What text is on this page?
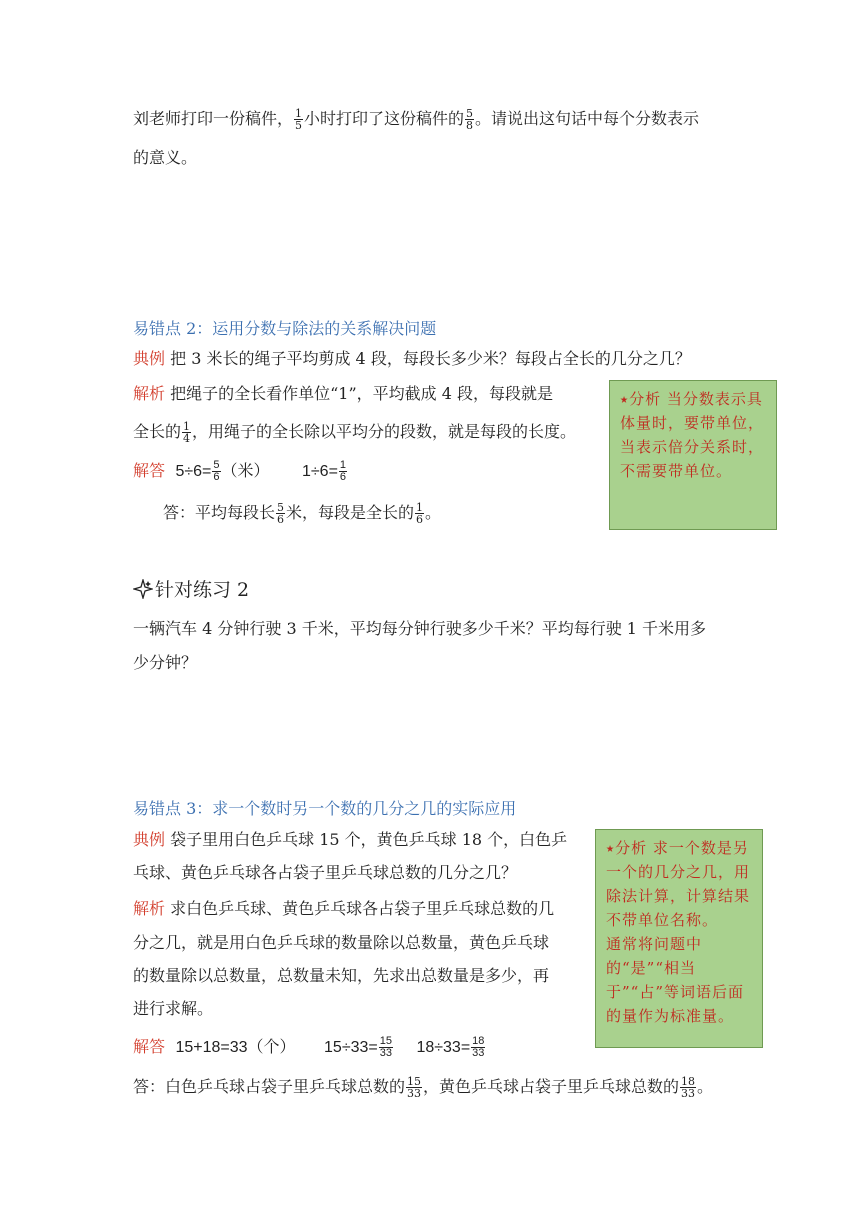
刘老师打印一份稿件， $\frac{1}{5}$ 小时打印了这份稿件的 $\frac{5}{8}$ 。请说出这句话中每个分数表示
的意义。
易错点 2：运用分数与除法的关系解决问题
典例 把 3 米长的绳子平均剪成 4 段，每段长多少米？每段占全长的几分之几？
解析 把绳子的全长看作单位“1”，平均截成 4 段，每段就是
全长的 $\frac{1}{4}$ ，用绳子的全长除以平均分的段数，就是每段的长度。
解答 $5\div 6= \frac{5}{6}$ （米） $1\div 6= \frac{1}{6}$
答：平均每段长 $\frac{5}{6}$ 米，每段是全长的 $\frac{1}{6}$ 。
⭑分析 当分数表示具体量时，要带单位，当表示倍分关系时，不需要带单位。
针对练习 2
一辆汽车 4 分钟行驶 3 千米，平均每分钟行驶多少千米？平均每行驶 1 千米用多
少分钟？
易错点 3：求一个数时另一个数的几分之几的实际应用
典例 袋子里用白色乒乓球 15 个，黄色乒乓球 18 个，白色乒
乓球、黄色乒乓球各占袋子里乒乓球总数的几分之几？
解析 求白色乒乓球、黄色乒乓球各占袋子里乒乓球总数的几
分之几，就是用白色乒乓球的数量除以总数量，黄色乒乓球
的数量除以总数量，总数量未知，先求出总数量是多少，再
进行求解。
解答 15+18=33（个） $15\div 33= \frac{15}{33} 18\div 33= \frac{18}{33}$
答：白色乒乓球占袋子里乒乓球总数的 $\frac{15}{33}$ ，黄色乒乓球占袋子里乒乓球总数的 $\frac{18}{33}$ 。
⭑分析 求一个数是另一个的几分之几，用除法计算，计算结果不带单位名称。
通常将问题中的“是”“相当于”“占”等词语后面的量作为标准量。
